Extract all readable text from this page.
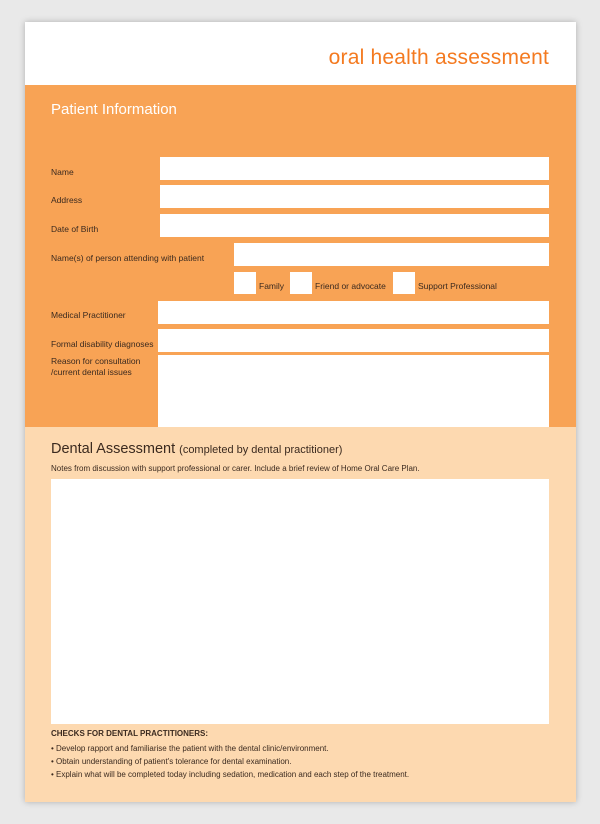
oral health assessment
Patient Information
Name
Address
Date of Birth
Name(s) of person attending with patient
Family	Friend or advocate	Support Professional
Medical Practitioner
Formal disability diagnoses
Reason for consultation /current dental issues
Dental Assessment (completed by dental practitioner)
Notes from discussion with support professional or carer. Include a brief review of Home Oral Care Plan.
CHECKS FOR DENTAL PRACTITIONERS:
• Develop rapport and familiarise the patient with the dental clinic/environment.
• Obtain understanding of patient's tolerance for dental examination.
• Explain what will be completed today including sedation, medication and each step of the treatment.
